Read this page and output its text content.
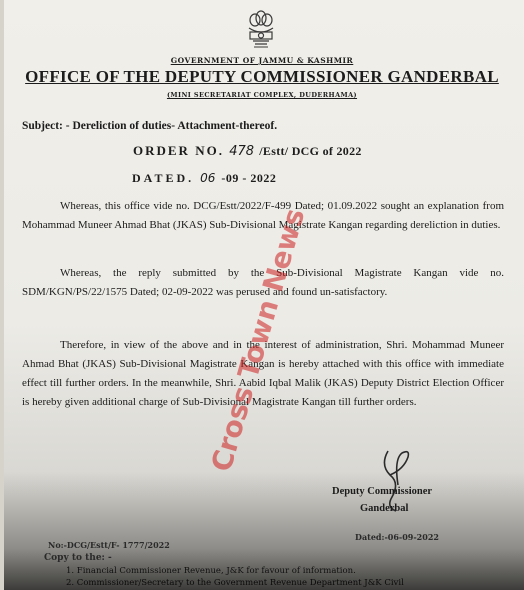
GOVERNMENT OF JAMMU & KASHMIR
OFFICE OF THE DEPUTY COMMISSIONER GANDERBAL
(MINI SECRETARIAT COMPLEX, DUDERHAMA)
Subject: - Dereliction of duties- Attachment-thereof.
ORDER NO. 478 /Estt/ DCG of 2022
DATED. 06 -09 - 2022

Whereas, this office vide no. DCG/Estt/2022/F-499 Dated; 01.09.2022 sought an explanation from Mohammad Muneer Ahmad Bhat (JKAS) Sub-Divisional Magistrate Kangan regarding dereliction in duties.

Whereas, the reply submitted by the Sub-Divisional Magistrate Kangan vide no. SDM/KGN/PS/22/1575 Dated; 02-09-2022 was perused and found un-satisfactory.

Therefore, in view of the above and in the interest of administration, Shri. Mohammad Muneer Ahmad Bhat (JKAS) Sub-Divisional Magistrate Kangan is hereby attached with this office with immediate effect till further orders. In the meanwhile, Shri. Aabid Iqbal Malik (JKAS) Deputy District Election Officer is hereby given additional charge of Sub-Divisional Magistrate Kangan till further orders.

Deputy Commissioner
Ganderbal
No:-DCG/Estt/F- 1777/2022
Dated:-06-09-2022
Copy to the: -
1. Financial Commissioner Revenue, J&K for favour of information.
2. Commissioner/Secretary to the Government Revenue Department J&K Civil
Cross Town News
